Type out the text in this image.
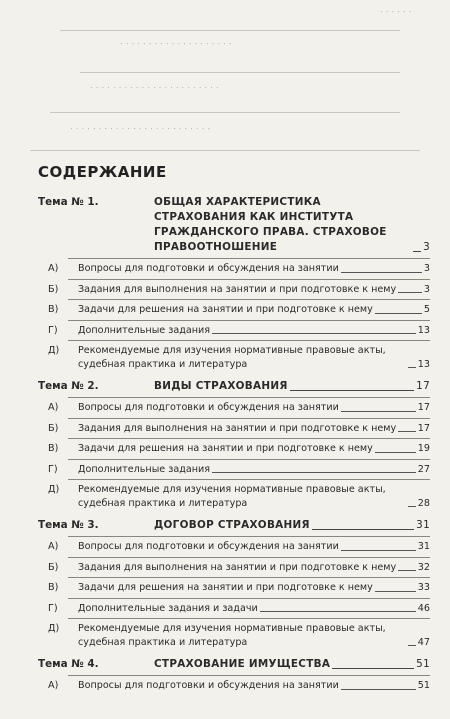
. . . . . .
. . . . . . . . . . . . . . . . . . . .
. . . . . . . . . . . . . . . . . . . . . . .
. . . . . . . . . . . . . . . . . . . . . . . . .
СОДЕРЖАНИЕ
Тема № 1.	ОБЩАЯ ХАРАКТЕРИСТИКА СТРАХОВАНИЯ КАК ИНСТИТУТА ГРАЖДАНСКОГО ПРАВА. СТРАХОВОЕ ПРАВООТНОШЕНИЕ	3
А)	Вопросы для подготовки и обсуждения на занятии	3
Б)	Задания для выполнения на занятии и при подготовке к нему	3
В)	Задачи для решения на занятии и при подготовке к нему	5
Г)	Дополнительные задания	13
Д)	Рекомендуемые для изучения нормативные правовые акты, судебная практика и литература	13
Тема № 2.	ВИДЫ СТРАХОВАНИЯ	17
А)	Вопросы для подготовки и обсуждения на занятии	17
Б)	Задания для выполнения на занятии и при подготовке к нему 17
В)	Задачи для решения на занятии и при подготовке к нему	19
Г)	Дополнительные задания	27
Д)	Рекомендуемые для изучения нормативные правовые акты, судебная практика и литература	28
Тема № 3.	ДОГОВОР СТРАХОВАНИЯ	31
А)	Вопросы для подготовки и обсуждения на занятии	31
Б)	Задания для выполнения на занятии и при подготовке к нему 32
В)	Задачи для решения на занятии и при подготовке к нему	33
Г)	Дополнительные задания и задачи	46
Д)	Рекомендуемые для изучения нормативные правовые акты, судебная практика и литература	47
Тема № 4.	СТРАХОВАНИЕ ИМУЩЕСТВА	51
А)	Вопросы для подготовки и обсуждения на занятии	51
